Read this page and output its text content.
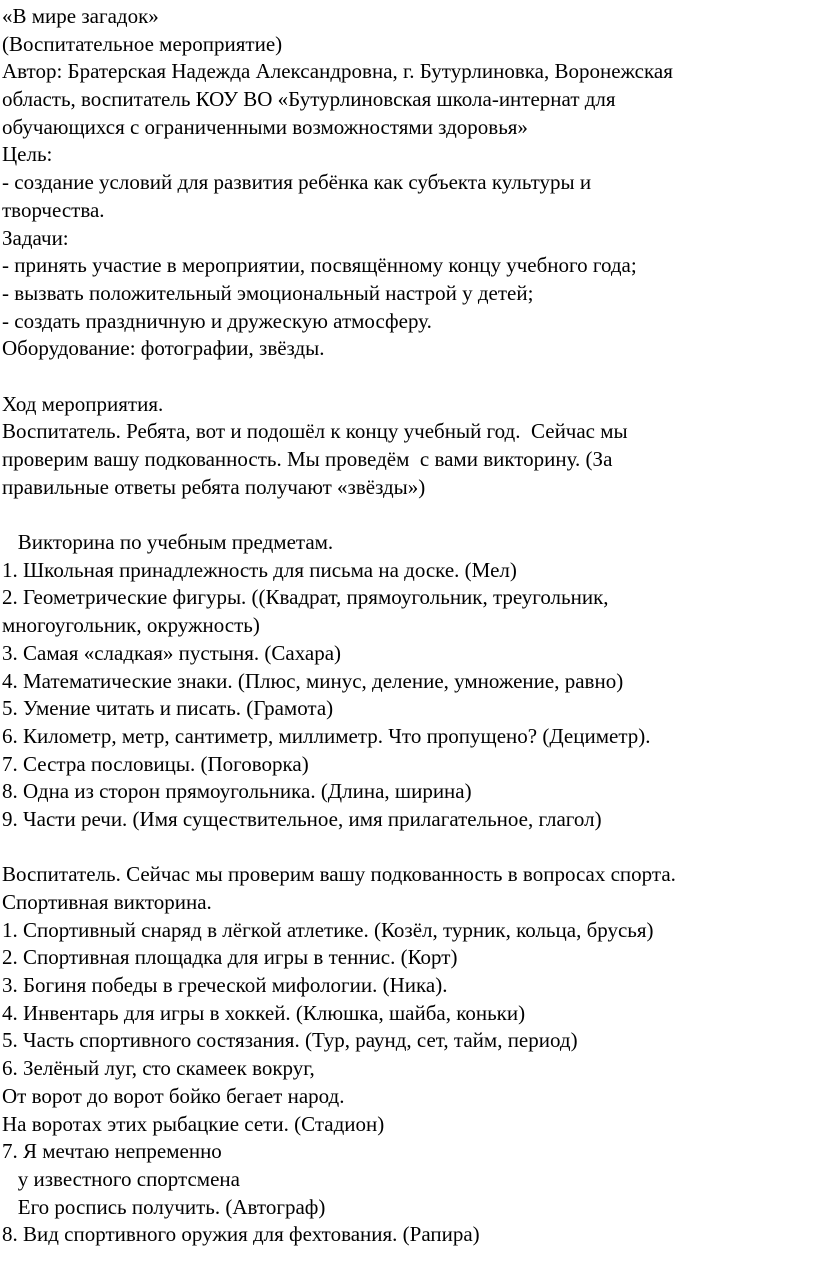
«В мире загадок»
(Воспитательное мероприятие)
Автор: Братерская Надежда Александровна, г. Бутурлиновка, Воронежская
область, воспитатель КОУ ВО «Бутурлиновская школа-интернат для
обучающихся с ограниченными возможностями здоровья»
Цель:
- создание условий для развития ребёнка как субъекта культуры и
творчества.
Задачи:
- принять участие в мероприятии, посвящённому концу учебного года;
- вызвать положительный эмоциональный настрой у детей;
- создать праздничную и дружескую атмосферу.
Оборудование: фотографии, звёзды.
Ход мероприятия.
Воспитатель. Ребята, вот и подошёл к концу учебный год.  Сейчас мы
проверим вашу подкованность. Мы проведём  с вами викторину. (За
правильные ответы ребята получают «звёзды»)
Викторина по учебным предметам.
1. Школьная принадлежность для письма на доске. (Мел)
2. Геометрические фигуры. ((Квадрат, прямоугольник, треугольник,
многоугольник, окружность)
3. Самая «сладкая» пустыня. (Сахара)
4. Математические знаки. (Плюс, минус, деление, умножение, равно)
5. Умение читать и писать. (Грамота)
6. Километр, метр, сантиметр, миллиметр. Что пропущено? (Дециметр).
7. Сестра пословицы. (Поговорка)
8. Одна из сторон прямоугольника. (Длина, ширина)
9. Части речи. (Имя существительное, имя прилагательное, глагол)
Воспитатель. Сейчас мы проверим вашу подкованность в вопросах спорта.
Спортивная викторина.
1. Спортивный снаряд в лёгкой атлетике. (Козёл, турник, кольца, брусья)
2. Спортивная площадка для игры в теннис. (Корт)
3. Богиня победы в греческой мифологии. (Ника).
4. Инвентарь для игры в хоккей. (Клюшка, шайба, коньки)
5. Часть спортивного состязания. (Тур, раунд, сет, тайм, период)
6. Зелёный луг, сто скамеек вокруг,
От ворот до ворот бойко бегает народ.
На воротах этих рыбацкие сети. (Стадион)
7. Я мечтаю непременно
у известного спортсмена
Его роспись получить. (Автограф)
8. Вид спортивного оружия для фехтования. (Рапира)
